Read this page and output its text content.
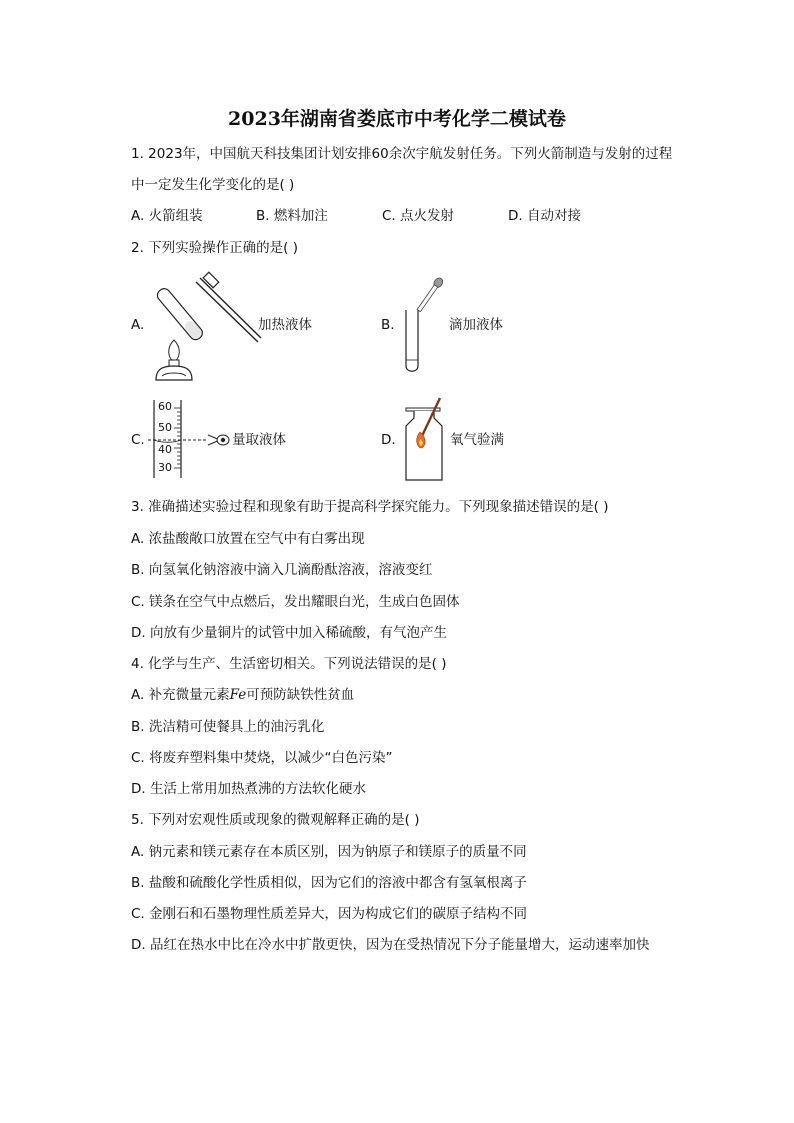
2023年湖南省娄底市中考化学二模试卷
1. 2023年，中国航天科技集团计划安排60余次宇航发射任务。下列火箭制造与发射的过程
中一定发生化学变化的是( )
A. 火箭组装	B. 燃料加注	C. 点火发射	D. 自动对接
2. 下列实验操作正确的是( )
A.	加热液体	B.	滴加液体
C.
60
50
40
30
量取液体	D.	氧气验满
3. 准确描述实验过程和现象有助于提高科学探究能力。下列现象描述错误的是( )
A. 浓盐酸敞口放置在空气中有白雾出现
B. 向氢氧化钠溶液中滴入几滴酚酞溶液，溶液变红
C. 镁条在空气中点燃后，发出耀眼白光，生成白色固体
D. 向放有少量铜片的试管中加入稀硫酸，有气泡产生
4. 化学与生产、生活密切相关。下列说法错误的是( )
A. 补充微量元素Fe可预防缺铁性贫血
B. 洗洁精可使餐具上的油污乳化
C. 将废弃塑料集中焚烧，以减少“白色污染”
D. 生活上常用加热煮沸的方法软化硬水
5. 下列对宏观性质或现象的微观解释正确的是( )
A. 钠元素和镁元素存在本质区别，因为钠原子和镁原子的质量不同
B. 盐酸和硫酸化学性质相似，因为它们的溶液中都含有氢氧根离子
C. 金刚石和石墨物理性质差异大，因为构成它们的碳原子结构不同
D. 品红在热水中比在冷水中扩散更快，因为在受热情况下分子能量增大，运动速率加快
